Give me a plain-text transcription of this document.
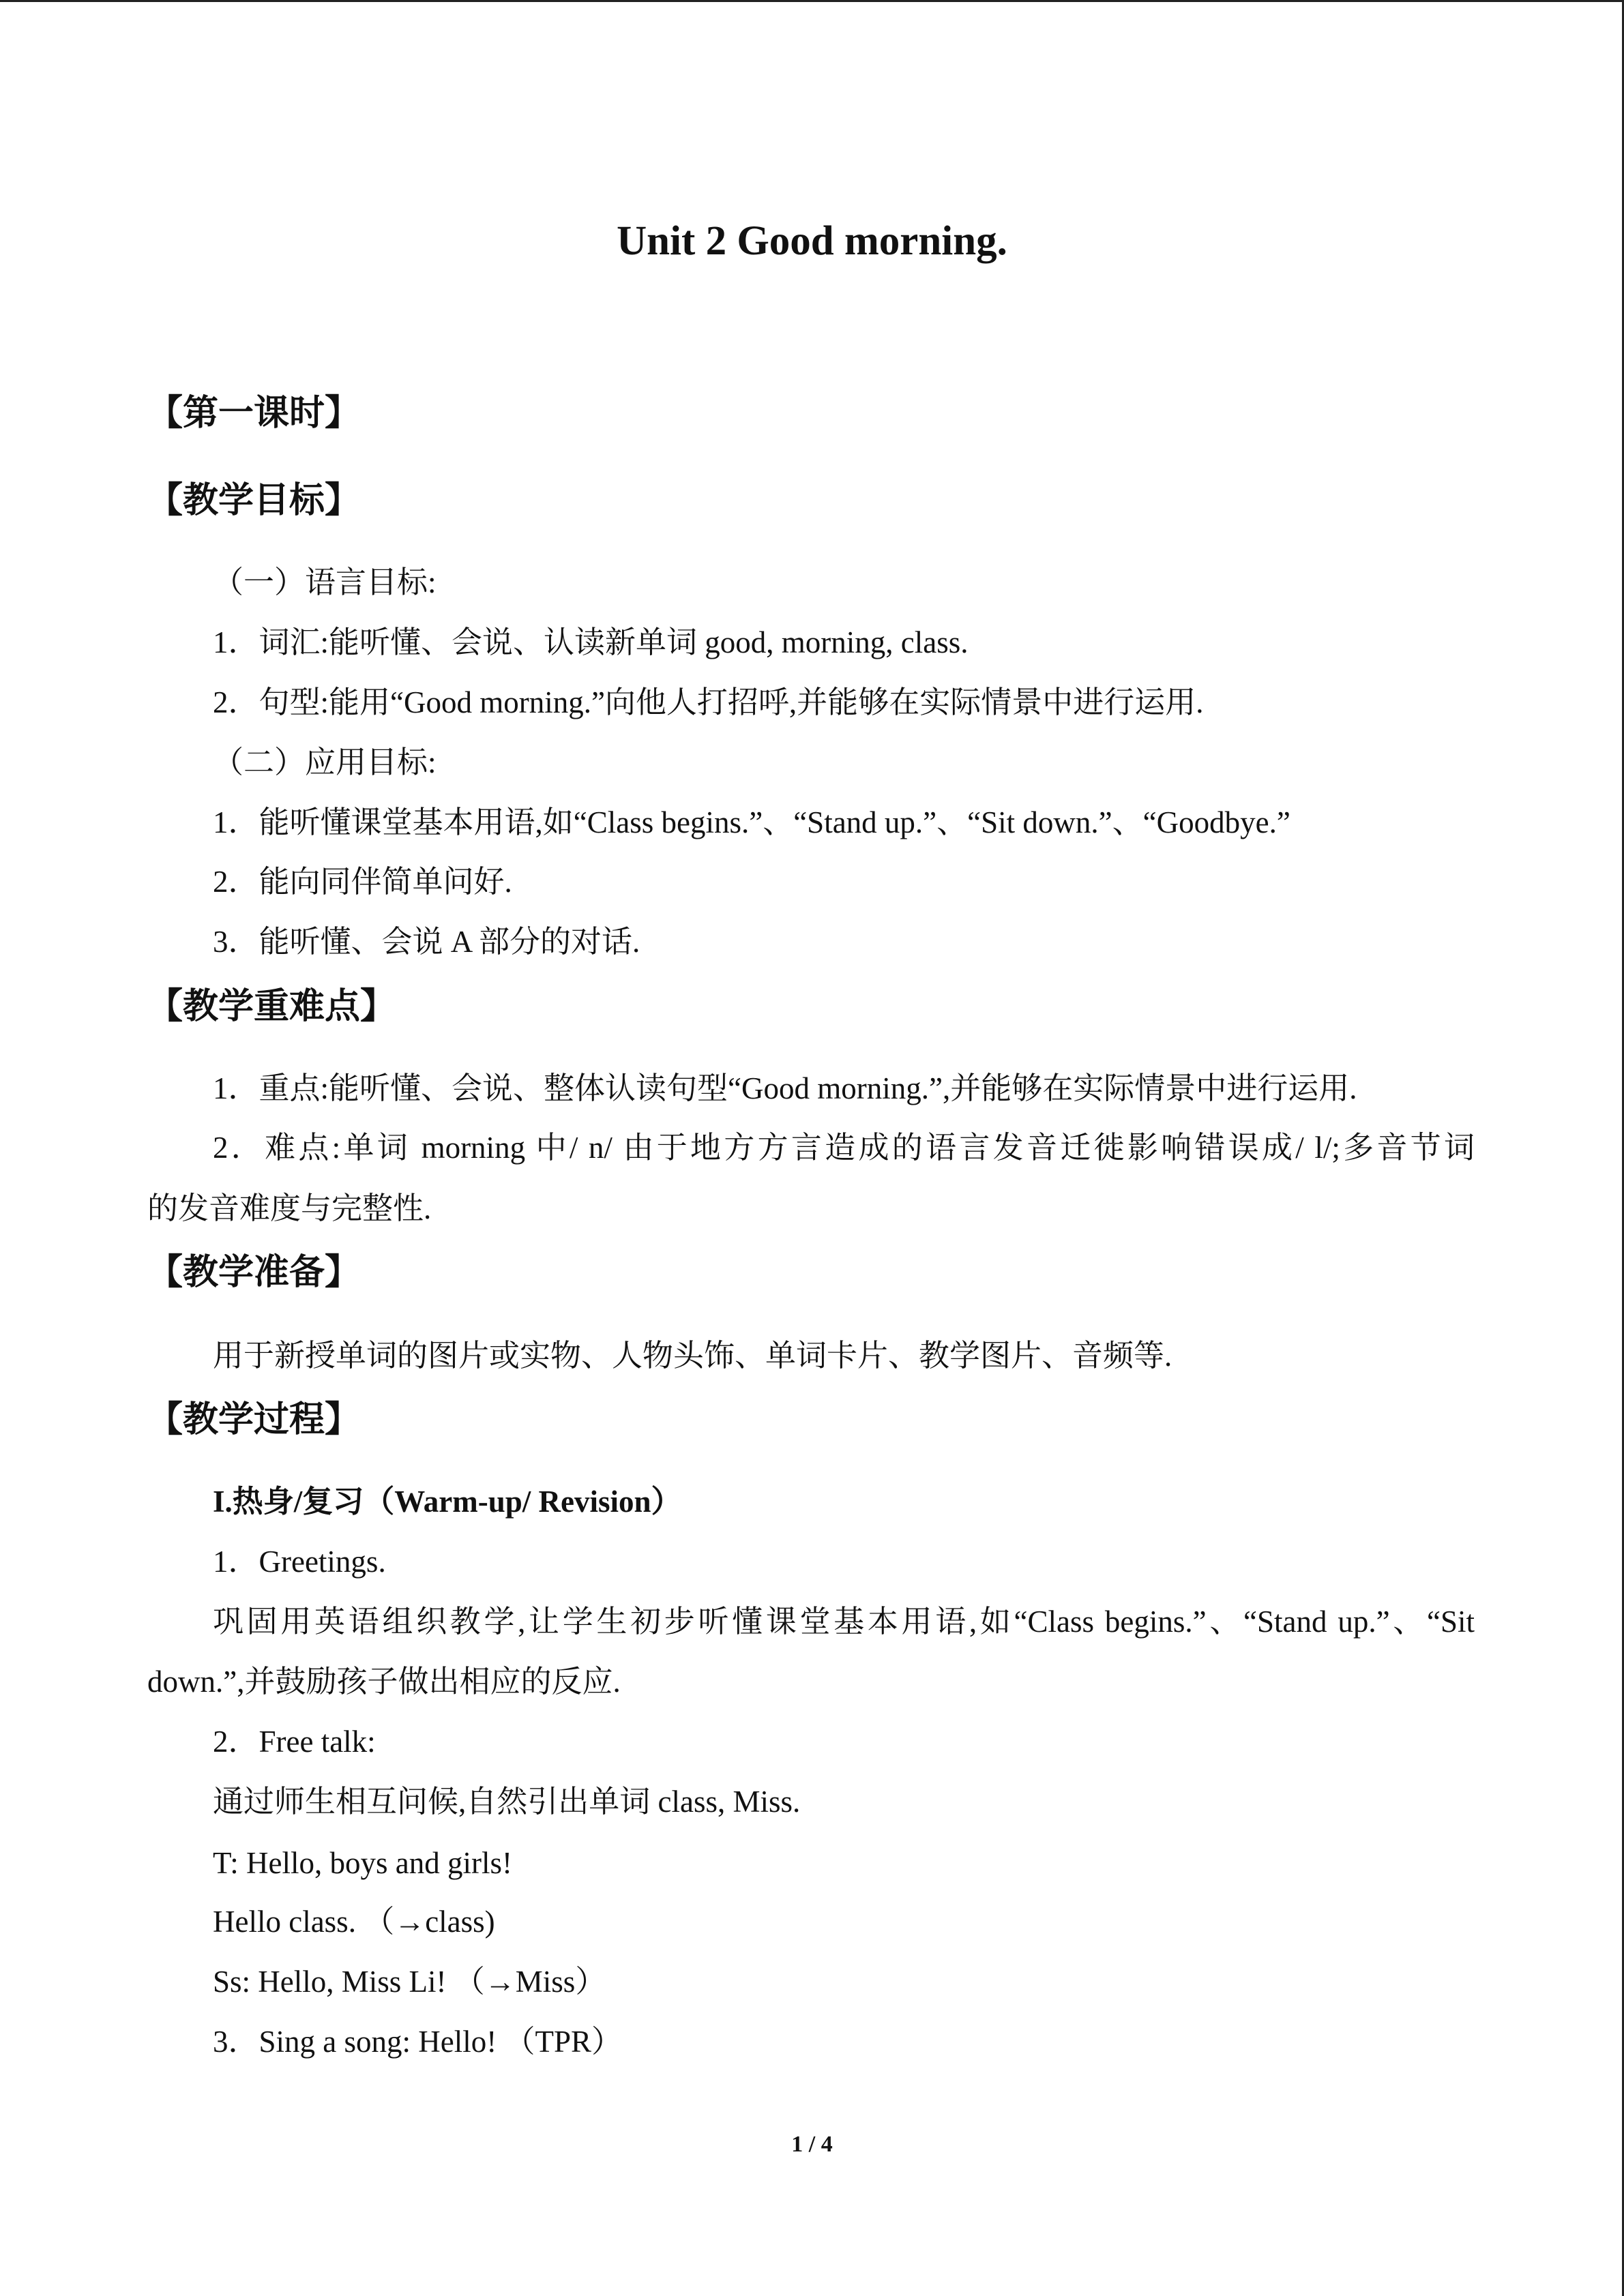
Unit 2 Good morning.
【第一课时】
【教学目标】
（一）语言目标:
1．词汇:能听懂、会说、认读新单词 good, morning, class.
2．句型:能用“Good morning.”向他人打招呼,并能够在实际情景中进行运用.
（二）应用目标:
1．能听懂课堂基本用语,如“Class begins.”、“Stand up.”、“Sit down.”、“Goodbye.”
2．能向同伴简单问好.
3．能听懂、会说 A 部分的对话.
【教学重难点】
1．重点:能听懂、会说、整体认读句型“Good morning.”,并能够在实际情景中进行运用.
2．难点:单词 morning 中/ n/ 由于地方方言造成的语言发音迁徙影响错误成/ l/;多音节词
的发音难度与完整性.
【教学准备】
用于新授单词的图片或实物、人物头饰、单词卡片、教学图片、音频等.
【教学过程】
I.热身/复习（Warm-up/ Revision）
1．Greetings.
巩固用英语组织教学,让学生初步听懂课堂基本用语,如“Class begins.”、“Stand up.”、“Sit
down.”,并鼓励孩子做出相应的反应.
2．Free talk:
通过师生相互问候,自然引出单词 class, Miss.
T: Hello, boys and girls!
Hello class. （→class)
Ss: Hello, Miss Li! （→Miss）
3．Sing a song: Hello! （TPR）
1 / 4
